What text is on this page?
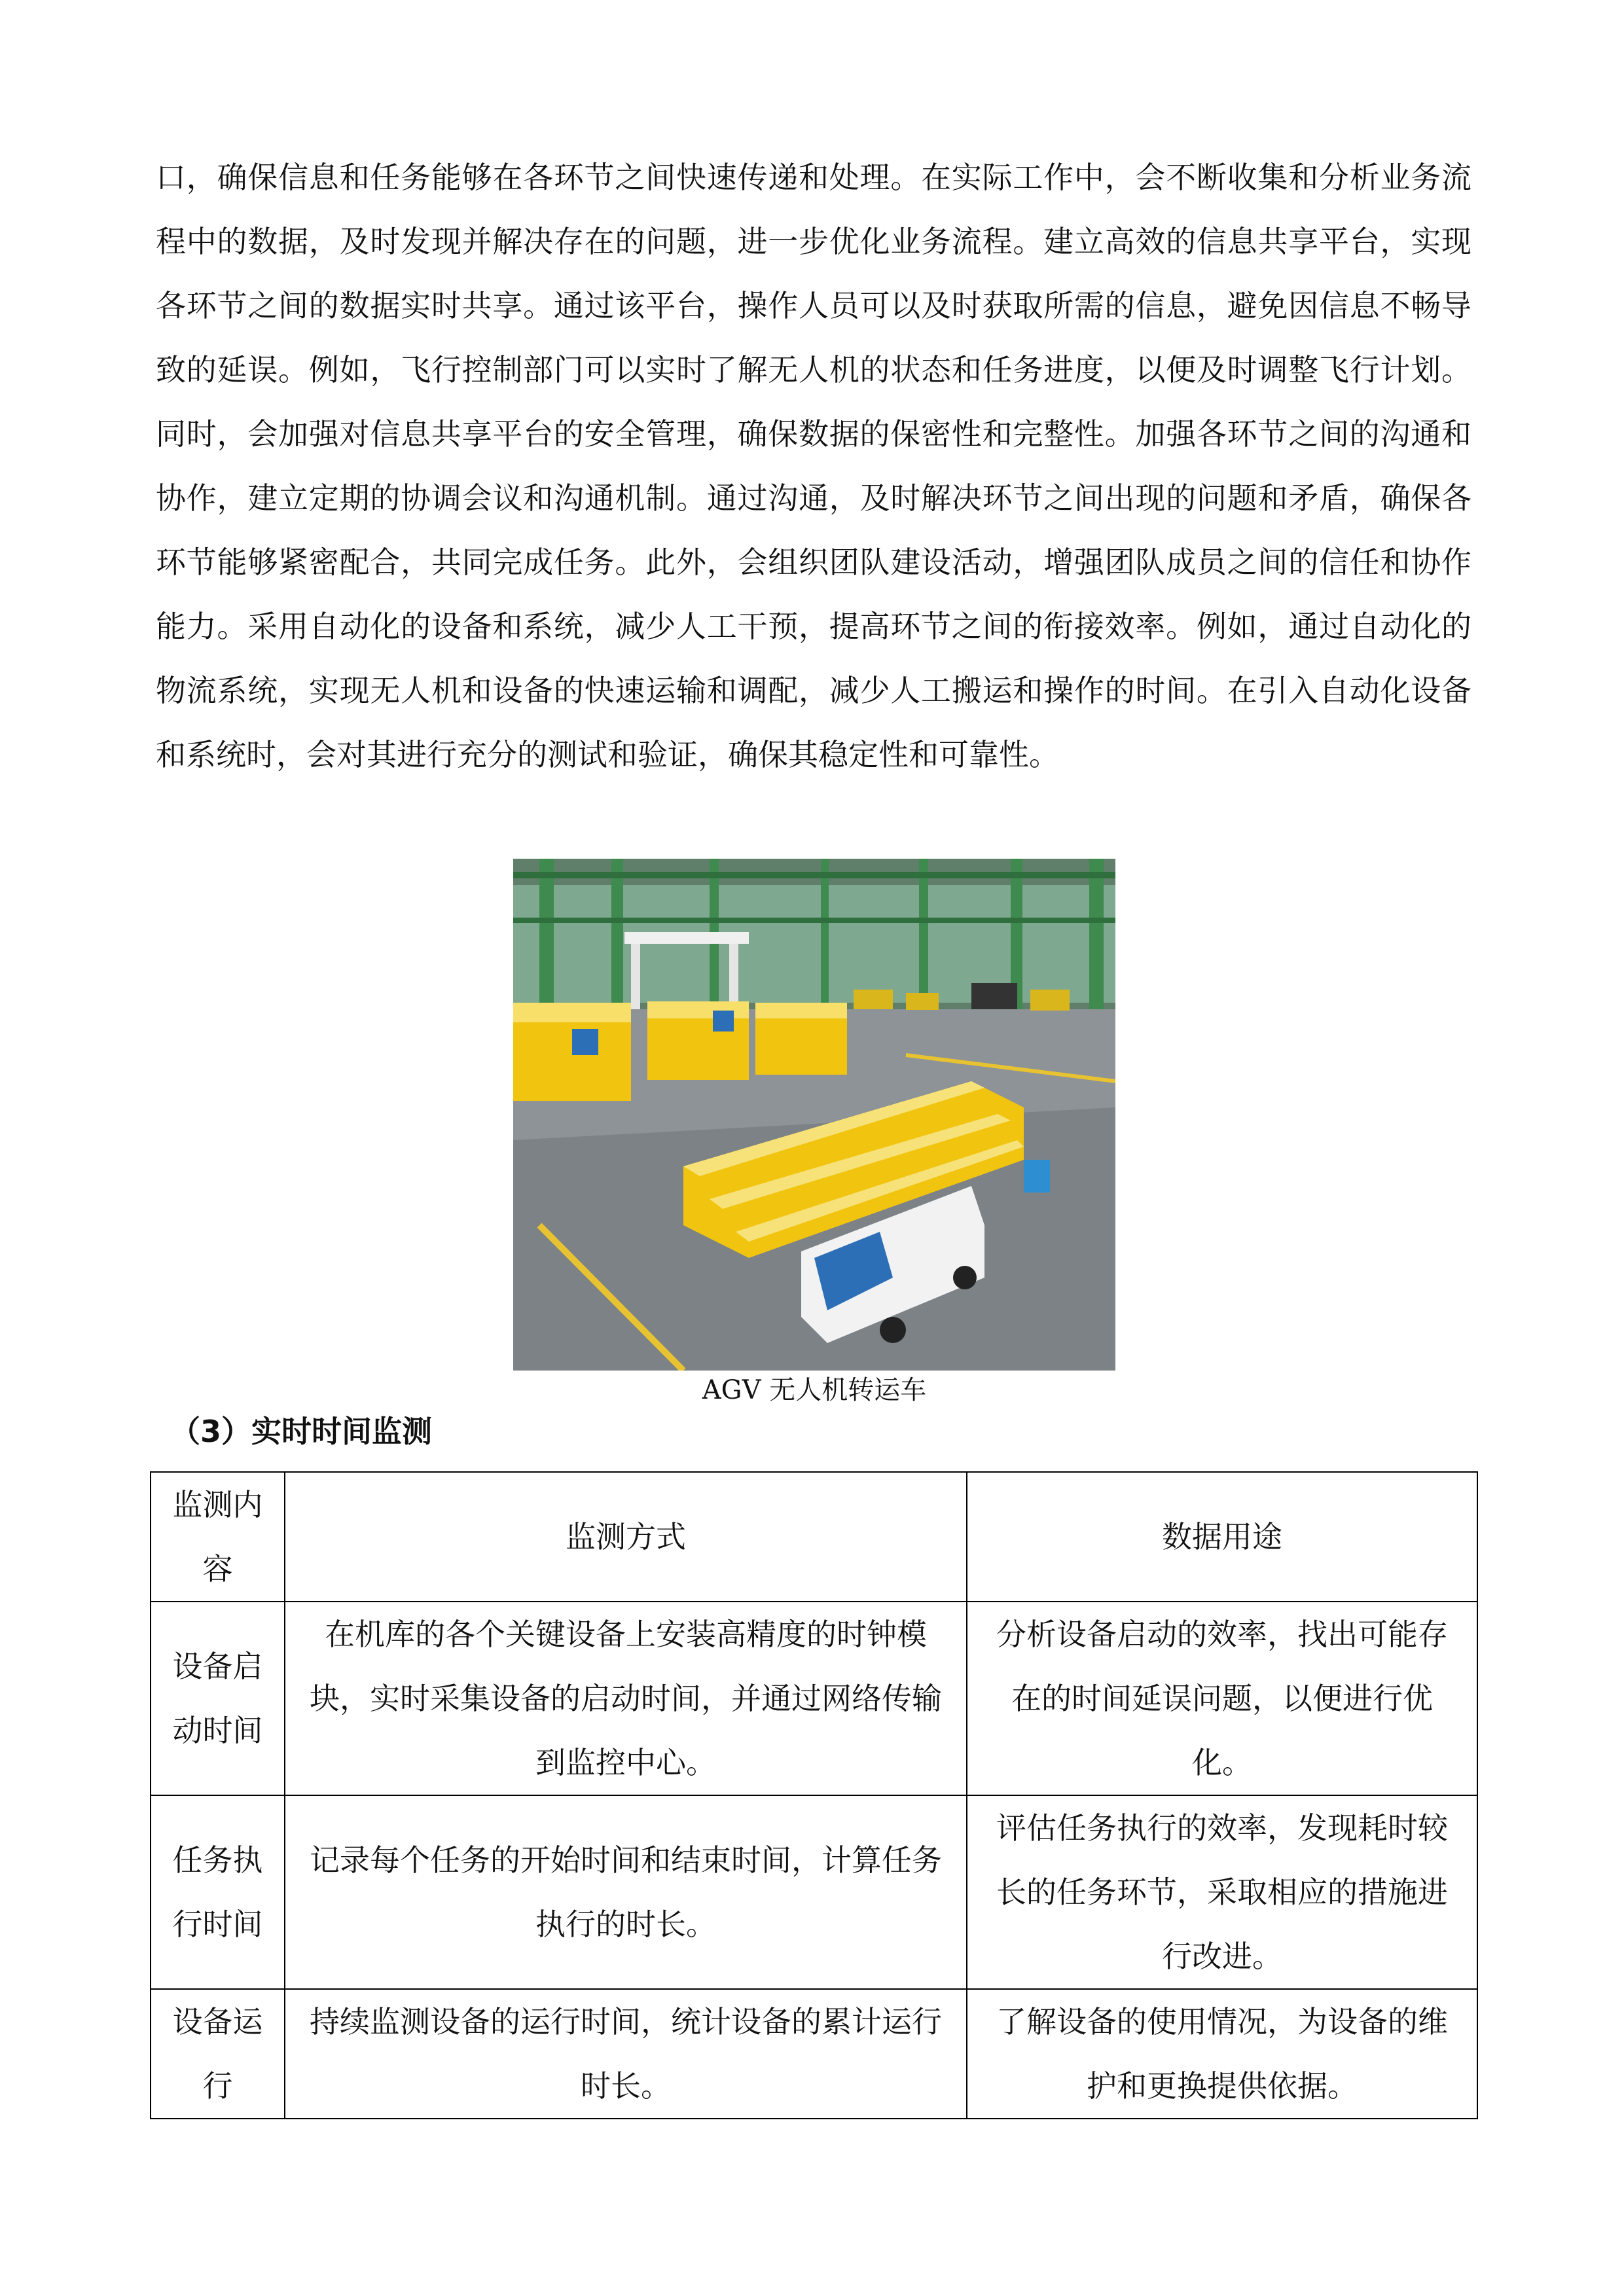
口，确保信息和任务能够在各环节之间快速传递和处理。在实际工作中，会不断收集和分析业务流程中的数据，及时发现并解决存在的问题，进一步优化业务流程。建立高效的信息共享平台，实现各环节之间的数据实时共享。通过该平台，操作人员可以及时获取所需的信息，避免因信息不畅导致的延误。例如，飞行控制部门可以实时了解无人机的状态和任务进度，以便及时调整飞行计划。同时，会加强对信息共享平台的安全管理，确保数据的保密性和完整性。加强各环节之间的沟通和协作，建立定期的协调会议和沟通机制。通过沟通，及时解决环节之间出现的问题和矛盾，确保各环节能够紧密配合，共同完成任务。此外，会组织团队建设活动，增强团队成员之间的信任和协作能力。采用自动化的设备和系统，减少人工干预，提高环节之间的衔接效率。例如，通过自动化的物流系统，实现无人机和设备的快速运输和调配，减少人工搬运和操作的时间。在引入自动化设备和系统时，会对其进行充分的测试和验证，确保其稳定性和可靠性。

AGV 无人机转运车
（3）实时时间监测
监测内容	监测方式	数据用途
设备启动时间	在机库的各个关键设备上安装高精度的时钟模块，实时采集设备的启动时间，并通过网络传输到监控中心。	分析设备启动的效率，找出可能存在的时间延误问题，以便进行优化。
任务执行时间	记录每个任务的开始时间和结束时间，计算任务执行的时长。	评估任务执行的效率，发现耗时较长的任务环节，采取相应的措施进行改进。
设备运行	持续监测设备的运行时间，统计设备的累计运行时长。	了解设备的使用情况，为设备的维护和更换提供依据。
